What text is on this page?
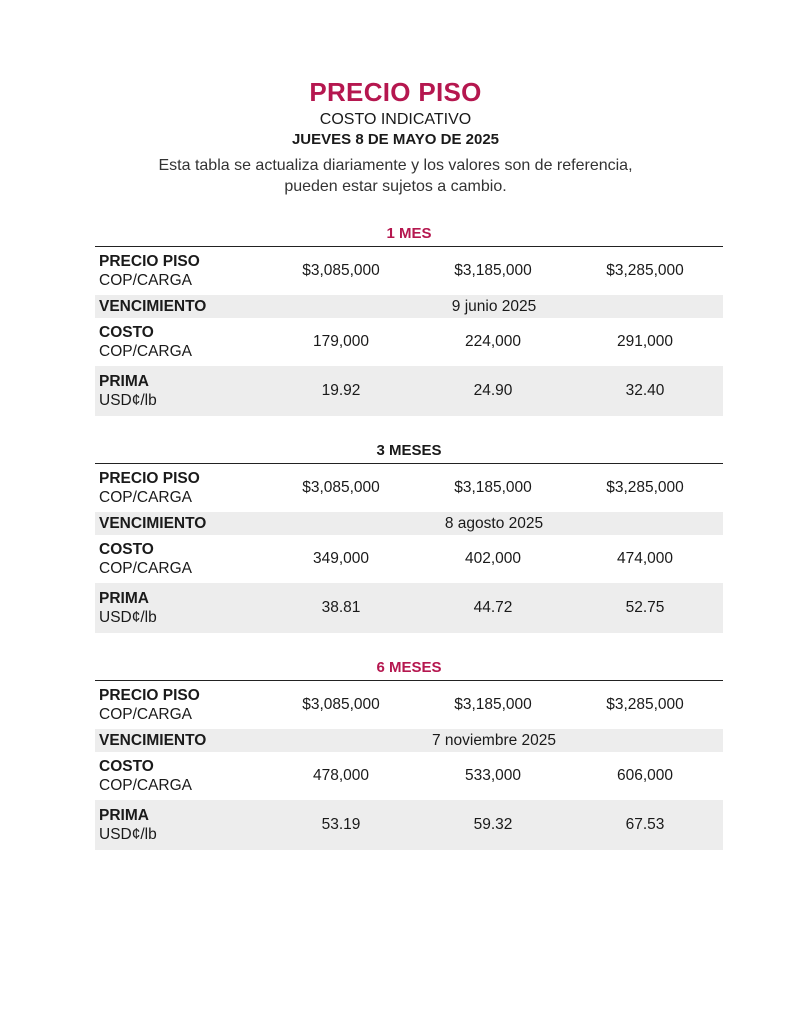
PRECIO PISO
COSTO INDICATIVO
JUEVES 8 DE MAYO DE 2025
Esta tabla se actualiza diariamente y los valores son de referencia,
pueden estar sujetos a cambio.
1 MES
PRECIO PISO
COP/CARGA
$3,085,000	$3,185,000	$3,285,000
VENCIMIENTO	9 junio 2025
COSTO
COP/CARGA
179,000	224,000	291,000
PRIMA
USD¢/lb
19.92	24.90	32.40
3 MESES
PRECIO PISO
COP/CARGA
$3,085,000	$3,185,000	$3,285,000
VENCIMIENTO	8 agosto 2025
COSTO
COP/CARGA
349,000	402,000	474,000
PRIMA
USD¢/lb
38.81	44.72	52.75
6 MESES
PRECIO PISO
COP/CARGA
$3,085,000	$3,185,000	$3,285,000
VENCIMIENTO	7 noviembre 2025
COSTO
COP/CARGA
478,000	533,000	606,000
PRIMA
USD¢/lb
53.19	59.32	67.53
